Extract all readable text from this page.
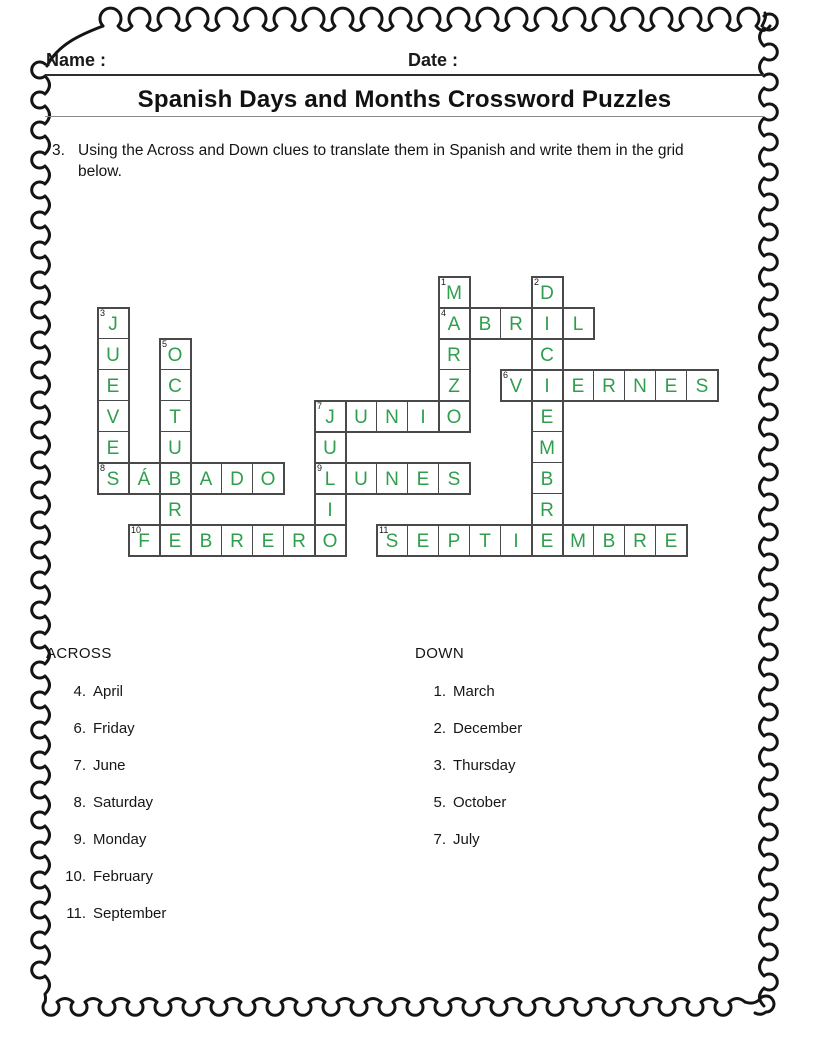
Name :	Date :
Spanish Days and Months Crossword Puzzles
3. Using the Across and Down clues to translate them in Spanish and write them in the grid below.
1
M
4
A
R
Z
O
2
D
I
C
I
E
M
B
R
E
3
J
U
E
V
E
8
S
B R	L
5
O
C
T
U
B
R
E
6
V	E R N E S
7
J U N I
U
9
L
I
O
Á	A D O	U N E S
10
F	B R E R
11
S E P T I	M B R E
ACROSS	DOWN
4. April
6. Friday
7. June
8. Saturday
9. Monday
10. February
11. September
1. March
2. December
3. Thursday
5. October
7. July
